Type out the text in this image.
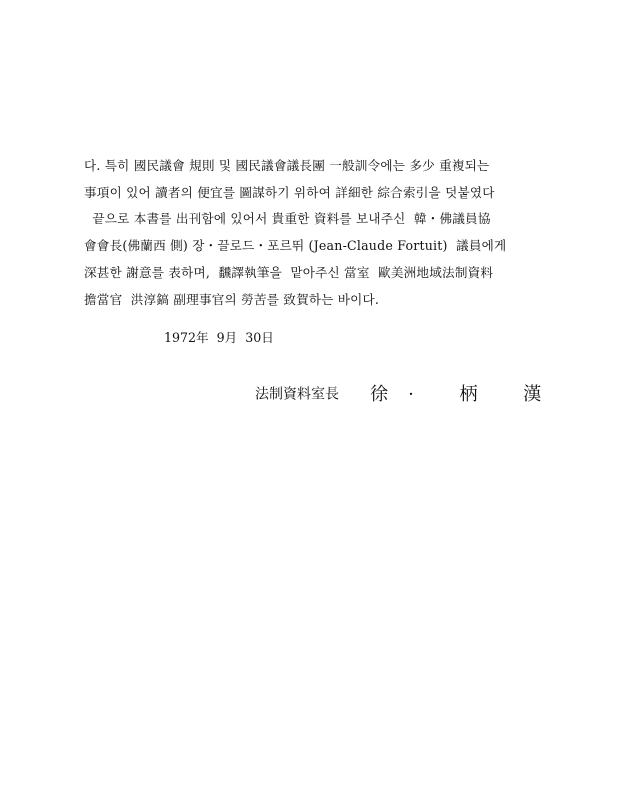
다. 특히 國民議會 規則 및 國民議會議長團 一般訓令에는 多少 重複되는
事項이 있어 讀者의 便宜를 圖謀하기 위하여 詳細한 綜合索引을 덧붙였다
끝으로 本書를 出刊함에 있어서 貴重한 資料를 보내주신  韓・佛議員協
會會長(佛蘭西 側) 장・끌로드・포르뛰 (Jean-Claude Fortuit)  議員에게
深甚한 謝意를 表하며,  飜譯執筆을  맡아주신 當室  歐美洲地域法制資料
擔當官  洪淳鎬 副理事官의 勞苦를 致賀하는 바이다.
1972年  9月  30日
法制資料室長 徐· 柄 漢
